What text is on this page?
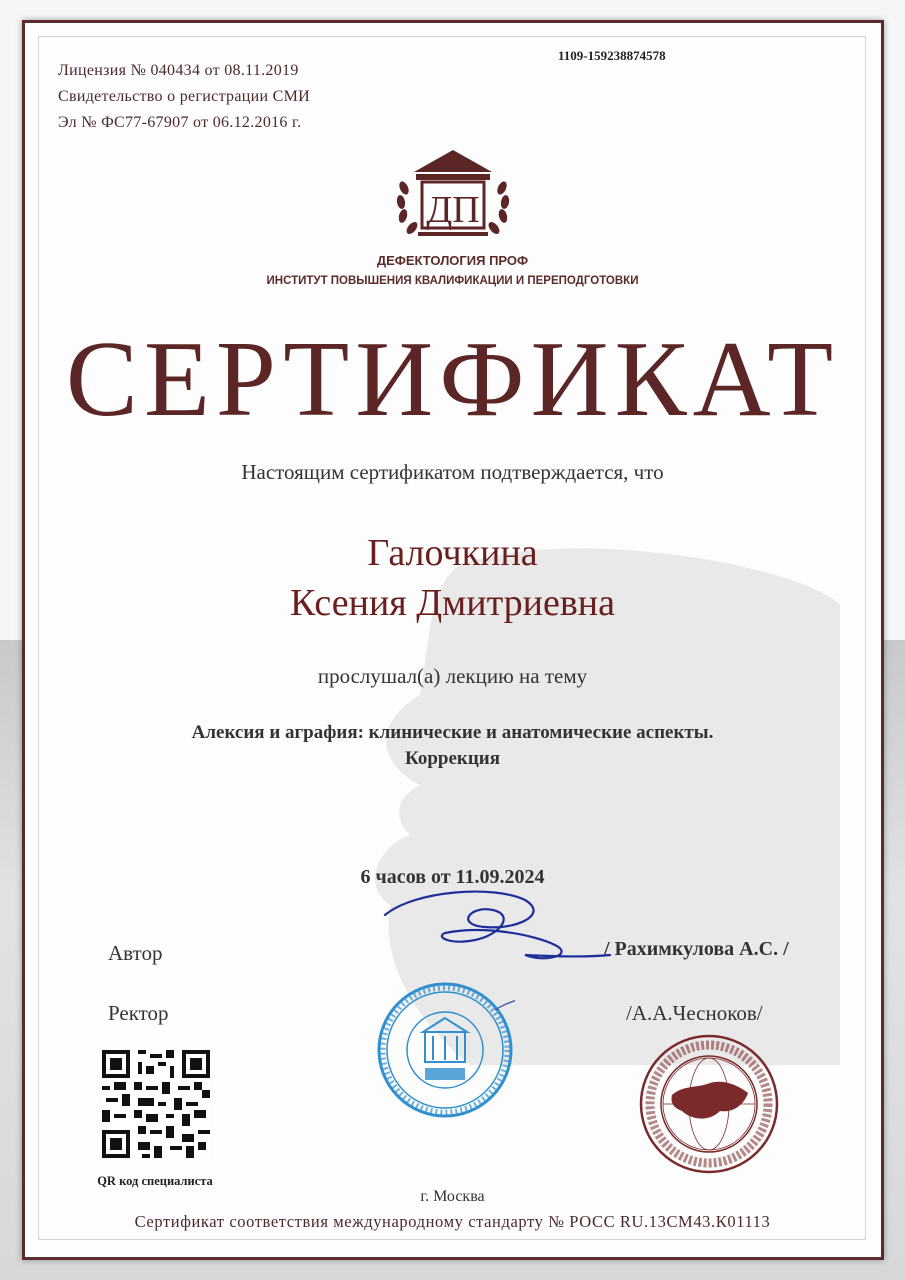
Лицензия № 040434 от 08.11.2019
Свидетельство о регистрации СМИ
Эл № ФС77-67907 от 06.12.2016 г.
1109-159238874578
ДП
ДЕФЕКТОЛОГИЯ ПРОФ
ИНСТИТУТ ПОВЫШЕНИЯ КВАЛИФИКАЦИИ И ПЕРЕПОДГОТОВКИ
СЕРТИФИКАТ
Настоящим сертификатом подтверждается, что
Галочкина
Ксения Дмитриевна
прослушал(а) лекцию на тему
Алексия и аграфия: клинические и анатомические аспекты.
Коррекция
6 часов от 11.09.2024
Автор	/ Рахимкулова А.С. /
Ректор	/А.А.Чесноков/
QR код специалиста
г. Москва
Сертификат соответствия международному стандарту № РОСС RU.13СМ43.К01113
